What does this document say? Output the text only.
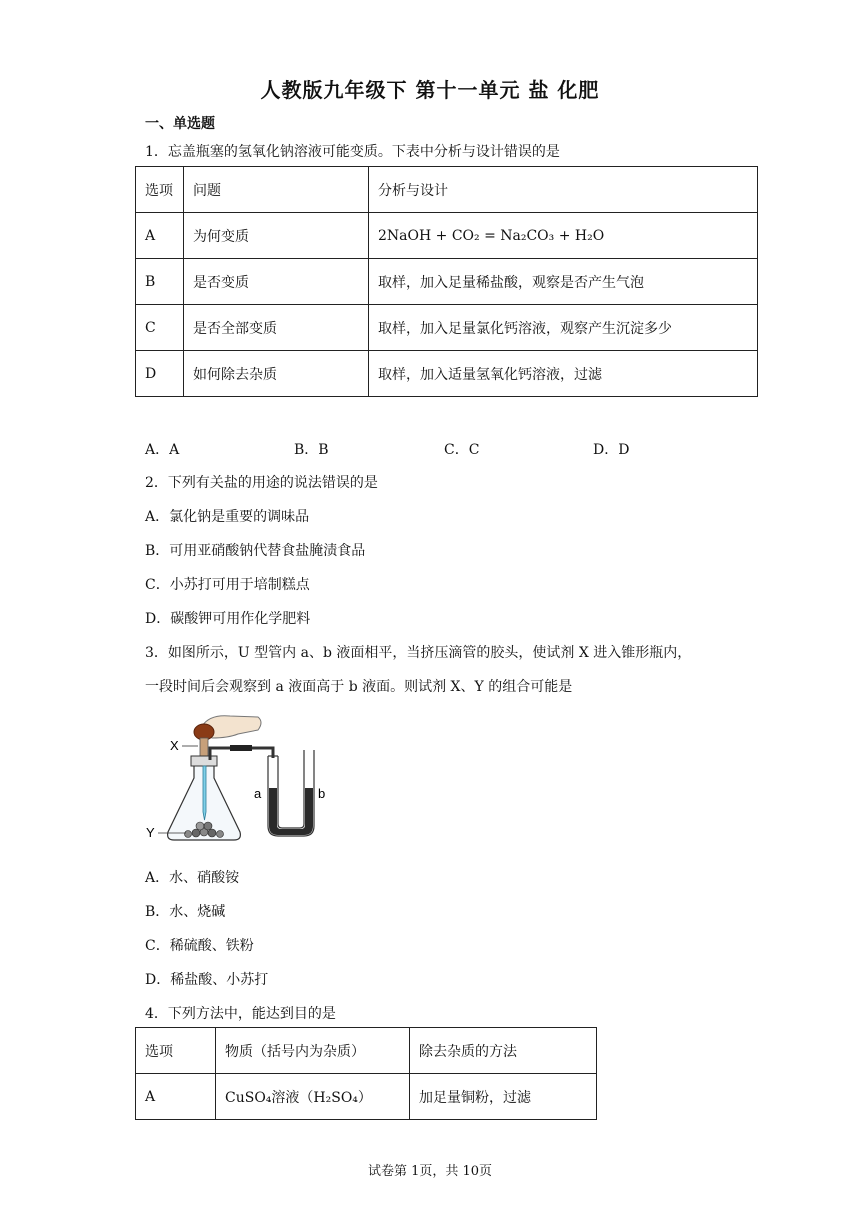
人教版九年级下 第十一单元 盐 化肥
一、单选题
1．忘盖瓶塞的氢氧化钠溶液可能变质。下表中分析与设计错误的是
选项	问题	分析与设计
A	为何变质	2NaOH + CO₂ = Na₂CO₃ + H₂O
B	是否变质	取样，加入足量稀盐酸，观察是否产生气泡
C	是否全部变质	取样，加入足量氯化钙溶液，观察产生沉淀多少
D	如何除去杂质	取样，加入适量氢氧化钙溶液，过滤
A．A	B．B	C．C	D．D
2．下列有关盐的用途的说法错误的是
A．氯化钠是重要的调味品
B．可用亚硝酸钠代替食盐腌渍食品
C．小苏打可用于培制糕点
D．碳酸钾可用作化学肥料
3．如图所示，U 型管内 a、b 液面相平，当挤压滴管的胶头，使试剂 X 进入锥形瓶内，
一段时间后会观察到 a 液面高于 b 液面。则试剂 X、Y 的组合可能是
X
Y
a	b
A．水、硝酸铵
B．水、烧碱
C．稀硫酸、铁粉
D．稀盐酸、小苏打
4．下列方法中，能达到目的是
选项	物质（括号内为杂质）	除去杂质的方法
A	CuSO₄溶液（H₂SO₄）	加足量铜粉，过滤
试卷第 1页，共 10页
